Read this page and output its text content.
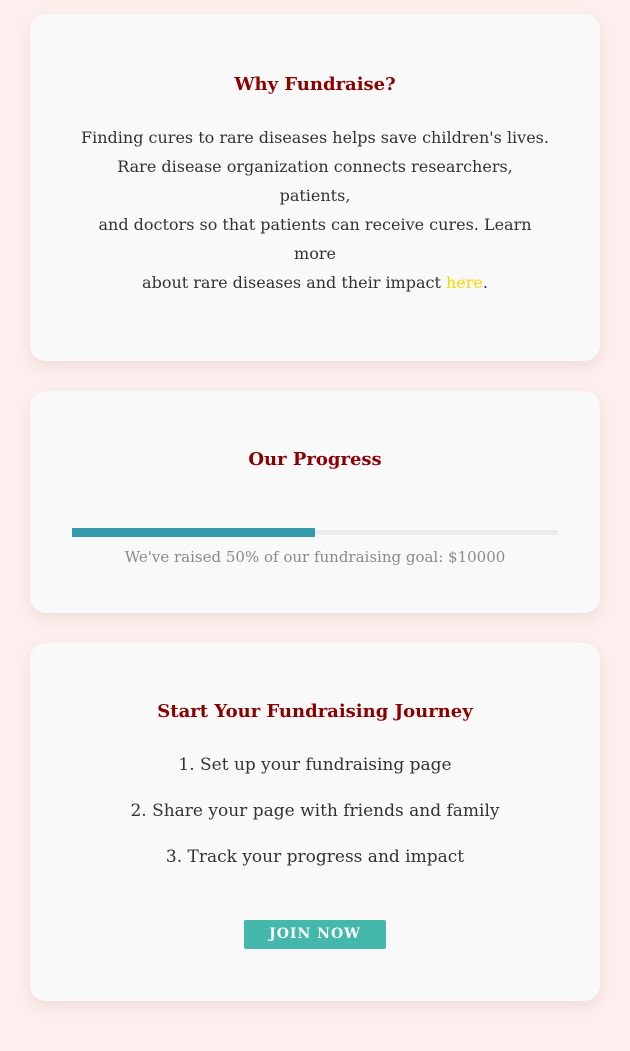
Why Fundraise?
Finding cures to rare diseases helps save children's lives.
Rare disease organization connects researchers, patients,
and doctors so that patients can receive cures. Learn more
about rare diseases and their impact here.
Our Progress
We've raised 50% of our fundraising goal: $10000
Start Your Fundraising Journey
1. Set up your fundraising page
2. Share your page with friends and family
3. Track your progress and impact
JOIN NOW
